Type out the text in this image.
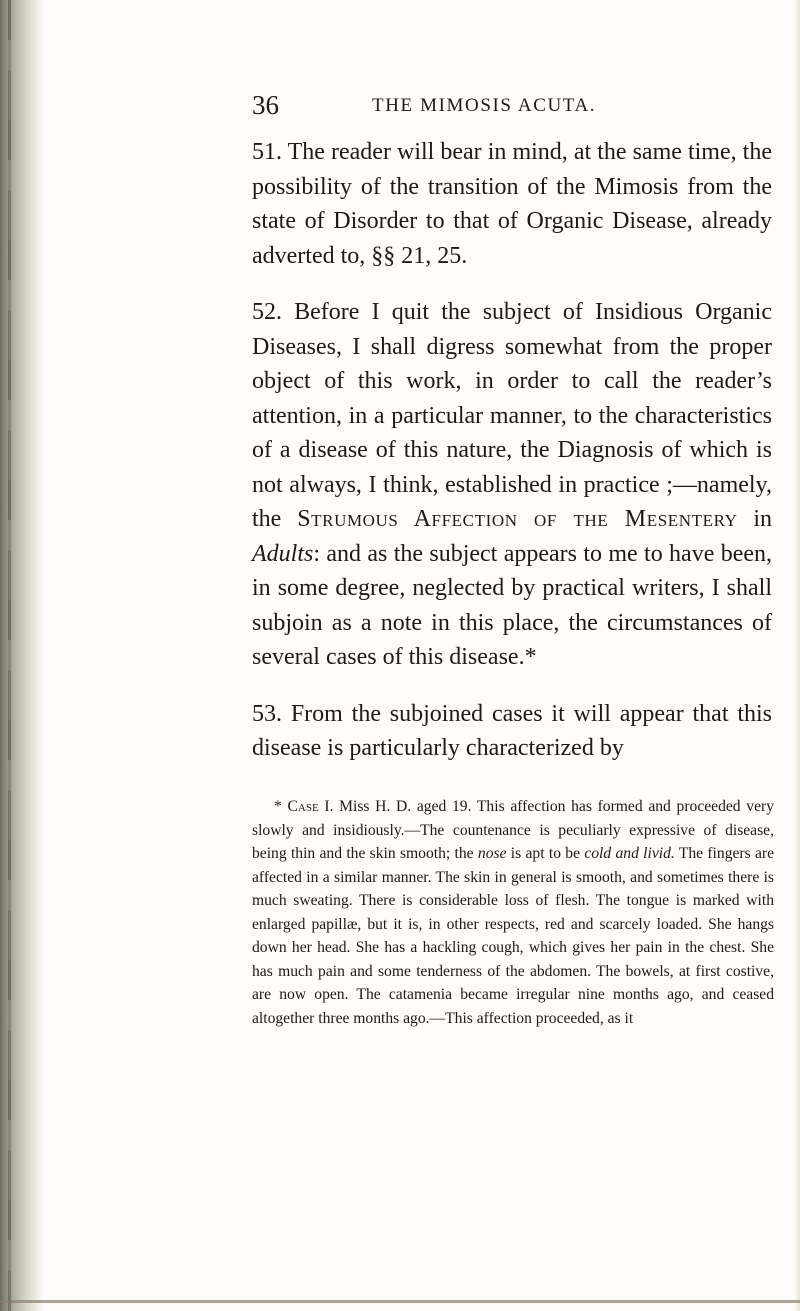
36	THE MIMOSIS ACUTA.

51. The reader will bear in mind, at the same time, the possibility of the transition of the Mimosis from the state of Disorder to that of Organic Disease, already adverted to, §§ 21, 25.

52. Before I quit the subject of Insidious Organic Diseases, I shall digress somewhat from the proper object of this work, in order to call the reader’s attention, in a particular manner, to the characteristics of a disease of this nature, the Diagnosis of which is not always, I think, established in practice ;—namely, the Strumous Affection of the Mesentery in Adults: and as the subject appears to me to have been, in some degree, neglected by practical writers, I shall subjoin as a note in this place, the circumstances of several cases of this disease.*

53. From the subjoined cases it will appear that this disease is particularly characterized by

* Case I. Miss H. D. aged 19. This affection has formed and proceeded very slowly and insidiously.—The countenance is peculiarly expressive of disease, being thin and the skin smooth; the nose is apt to be cold and livid. The fingers are affected in a similar manner. The skin in general is smooth, and sometimes there is much sweating. There is considerable loss of flesh. The tongue is marked with enlarged papillæ, but it is, in other respects, red and scarcely loaded. She hangs down her head. She has a hackling cough, which gives her pain in the chest. She has much pain and some tenderness of the abdomen. The bowels, at first costive, are now open. The catamenia became irregular nine months ago, and ceased altogether three months ago.—This affection proceeded, as it
